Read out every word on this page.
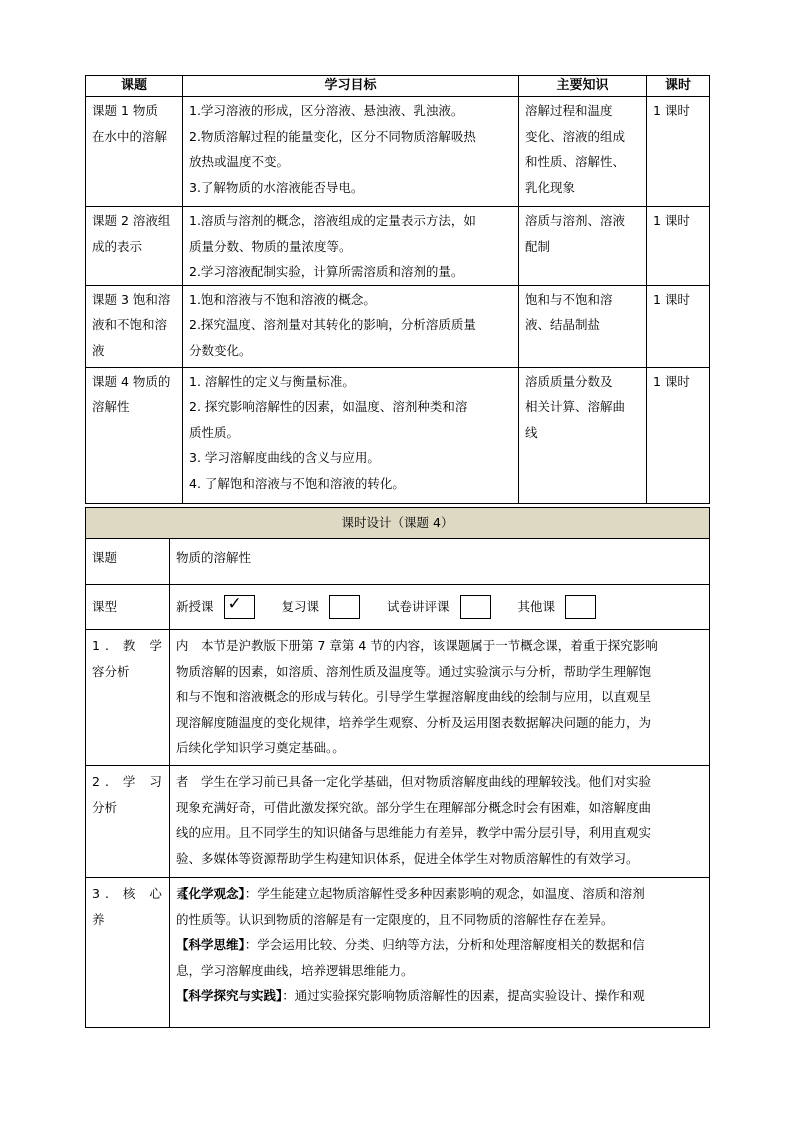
课题	学习目标	主要知识	课时

课题 1 物质
在水中的溶解	1.学习溶液的形成，区分溶液、悬浊液、乳浊液。
2.物质溶解过程的能量变化，区分不同物质溶解吸热
放热或温度不变。
3.了解物质的水溶液能否导电。	溶解过程和温度
变化、溶液的组成
和性质、溶解性、
乳化现象	1 课时

课题 2 溶液组
成的表示	1.溶质与溶剂的概念，溶液组成的定量表示方法，如
质量分数、物质的量浓度等。
2.学习溶液配制实验，计算所需溶质和溶剂的量。	溶质与溶剂、溶液
配制	1 课时

课题 3 饱和溶
液和不饱和溶
液	1.饱和溶液与不饱和溶液的概念。
2.探究温度、溶剂量对其转化的影响，分析溶质质量
分数变化。	饱和与不饱和溶
液、结晶制盐	1 课时

课题 4 物质的
溶解性	1. 溶解性的定义与衡量标准。
2. 探究影响溶解性的因素，如温度、溶剂种类和溶
质性质。
3. 学习溶解度曲线的含义与应用。
4. 了解饱和溶液与不饱和溶液的转化。	溶质质量分数及
相关计算、溶解曲
线	1 课时
课时设计（课题 4）	
课题	物质的溶解性
课型	新授课 ✓ 复习课 试卷讲评课 其他课

1. 教 学 内
容分析	本节是沪教版下册第 7 章第 4 节的内容，该课题属于一节概念课，着重于探究影响
物质溶解的因素，如溶质、溶剂性质及温度等。通过实验演示与分析，帮助学生理解饱
和与不饱和溶液概念的形成与转化。引导学生掌握溶解度曲线的绘制与应用，以直观呈
现溶解度随温度的变化规律，培养学生观察、分析及运用图表数据解决问题的能力，为
后续化学知识学习奠定基础。。

2. 学 习 者
分析	学生在学习前已具备一定化学基础，但对物质溶解度曲线的理解较浅。他们对实验
现象充满好奇，可借此激发探究欲。部分学生在理解部分概念时会有困难，如溶解度曲
线的应用。且不同学生的知识储备与思维能力有差异，教学中需分层引导，利用直观实
验、多媒体等资源帮助学生构建知识体系，促进全体学生对物质溶解性的有效学习。

3. 核 心 素
养	【化学观念】：学生能建立起物质溶解性受多种因素影响的观念，如温度、溶质和溶剂
的性质等。认识到物质的溶解是有一定限度的，且不同物质的溶解性存在差异。
【科学思维】：学会运用比较、分类、归纳等方法，分析和处理溶解度相关的数据和信
息，学习溶解度曲线，培养逻辑思维能力。
【科学探究与实践】：通过实验探究影响物质溶解性的因素，提高实验设计、操作和观
